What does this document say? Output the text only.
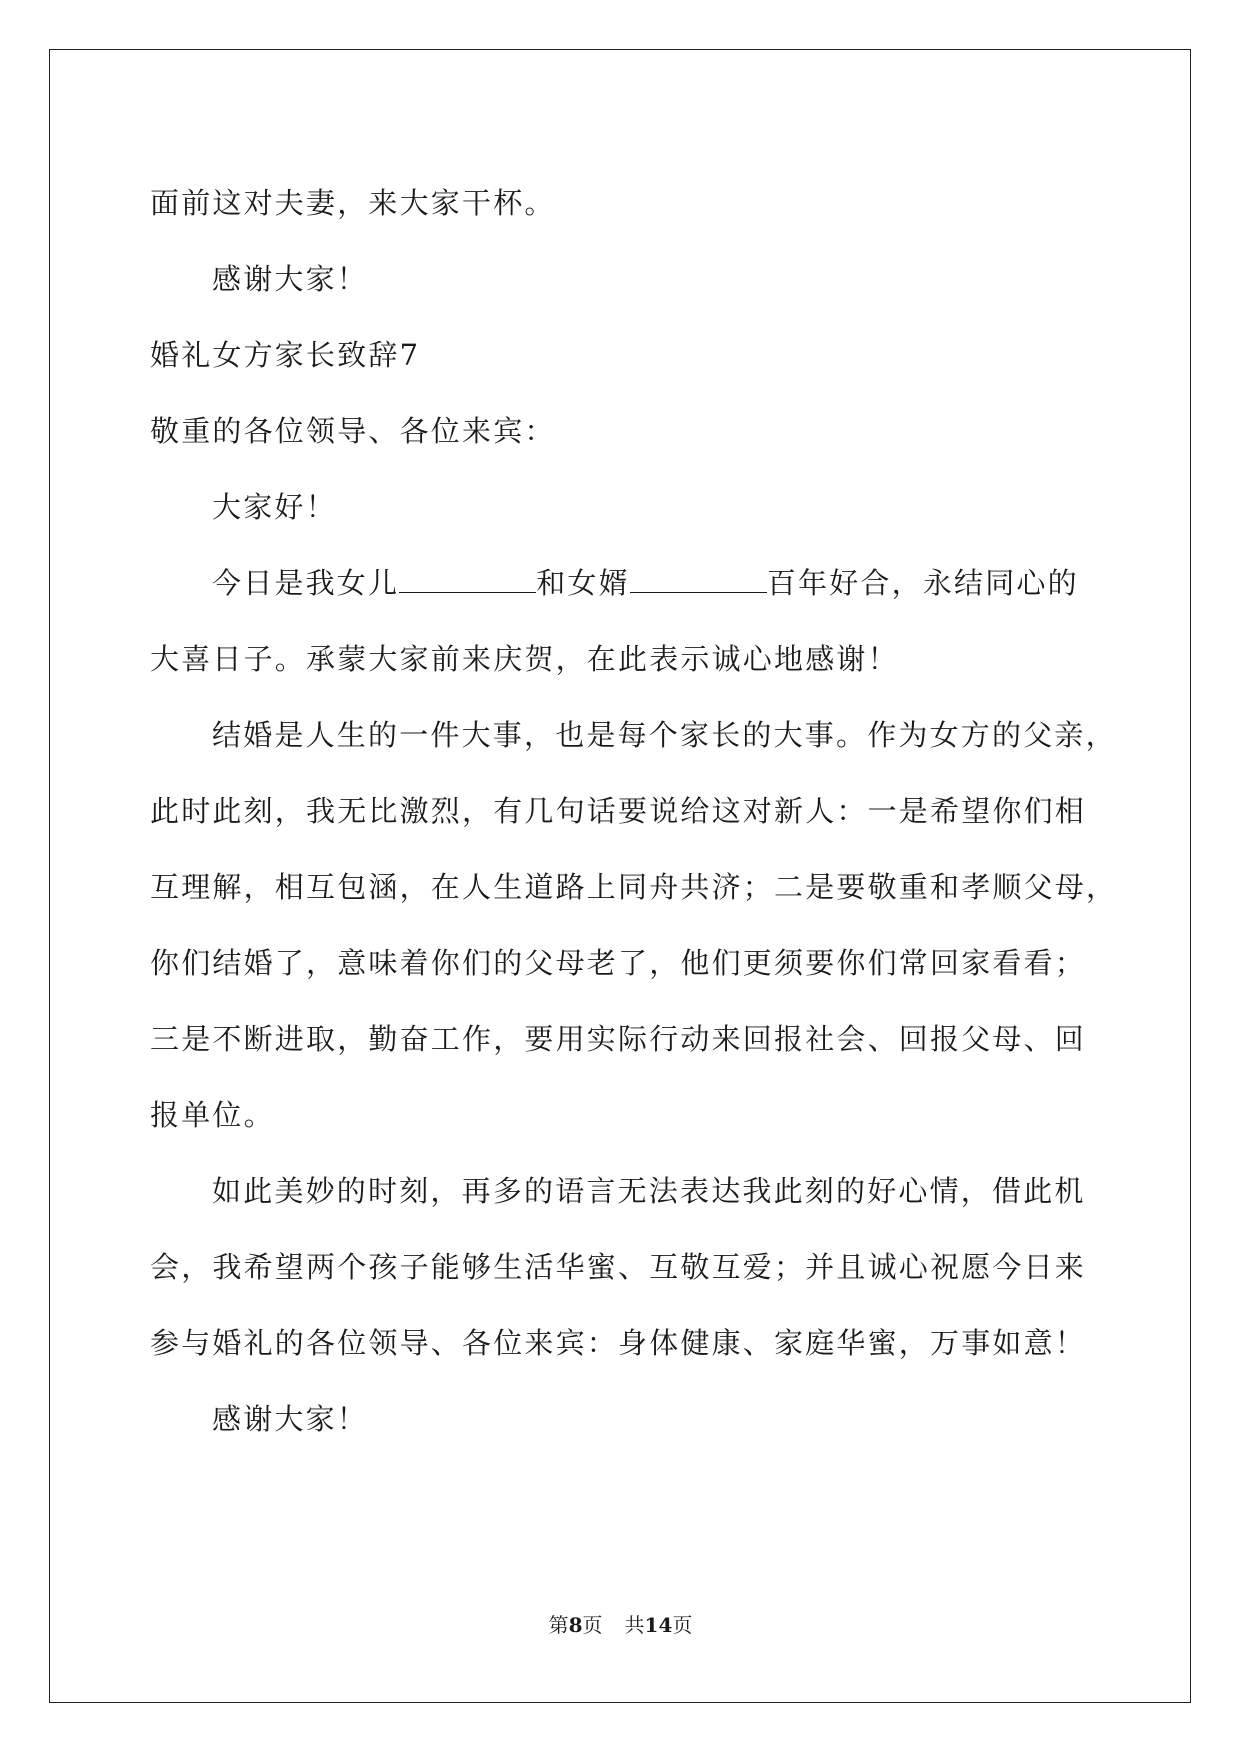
面前这对夫妻，来大家干杯。
感谢大家！
婚礼女方家长致辞7
敬重的各位领导、各位来宾：
大家好！
今日是我女儿	和女婿	百年好合，永结同心的
大喜日子。承蒙大家前来庆贺，在此表示诚心地感谢！
结婚是人生的一件大事，也是每个家长的大事。作为女方的父亲，
此时此刻，我无比激烈，有几句话要说给这对新人：一是希望你们相
互理解，相互包涵，在人生道路上同舟共济；二是要敬重和孝顺父母，
你们结婚了，意味着你们的父母老了，他们更须要你们常回家看看；
三是不断进取，勤奋工作，要用实际行动来回报社会、回报父母、回
报单位。
如此美妙的时刻，再多的语言无法表达我此刻的好心情，借此机
会，我希望两个孩子能够生活华蜜、互敬互爱；并且诚心祝愿今日来
参与婚礼的各位领导、各位来宾：身体健康、家庭华蜜，万事如意！
感谢大家！
第8页 共14页
